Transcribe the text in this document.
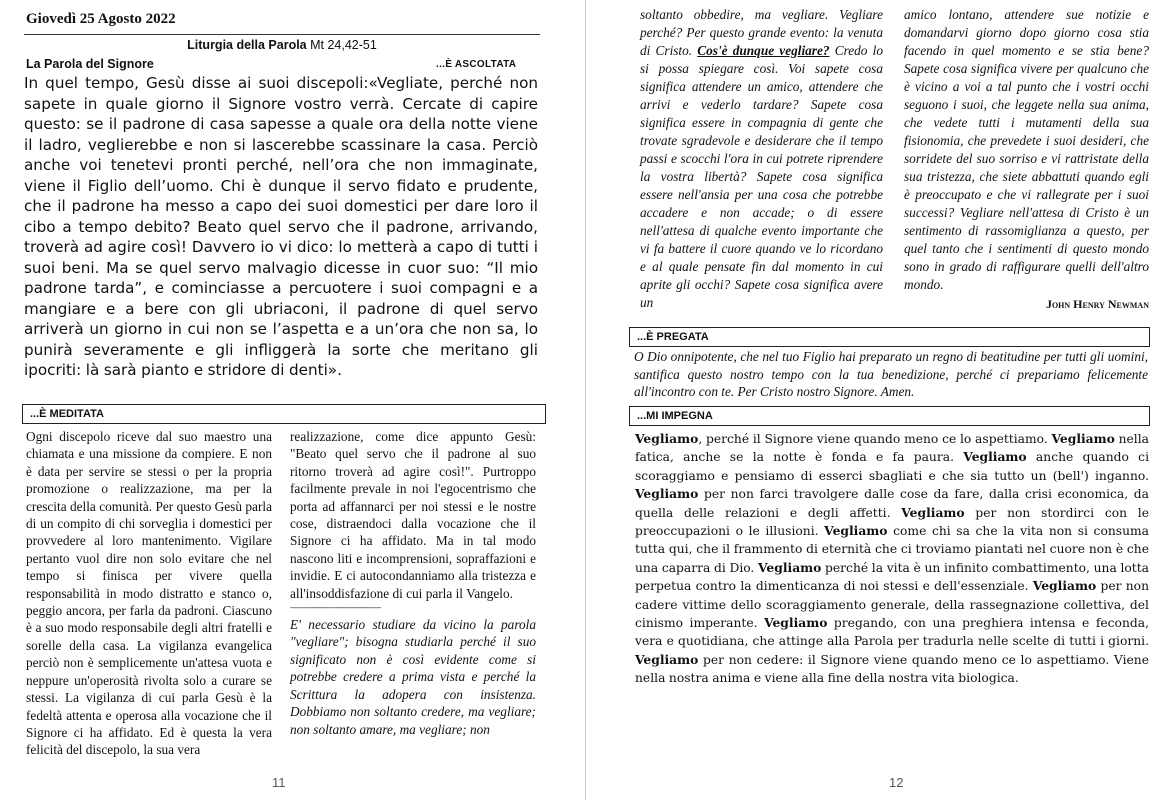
Giovedì 25 Agosto 2022
Liturgia della Parola Mt 24,42-51
La Parola del Signore	...È ASCOLTATA
In quel tempo, Gesù disse ai suoi discepoli:«Vegliate, perché non sapete in quale giorno il Signore vostro verrà. Cercate di capire questo: se il padrone di casa sapesse a quale ora della notte viene il ladro, veglierebbe e non si lascerebbe scassinare la casa. Perciò anche voi tenetevi pronti perché, nell’ora che non immaginate, viene il Figlio dell’uomo. Chi è dunque il servo fidato e prudente, che il padrone ha messo a capo dei suoi domestici per dare loro il cibo a tempo debito? Beato quel servo che il padrone, arrivando, troverà ad agire così! Davvero io vi dico: lo metterà a capo di tutti i suoi beni. Ma se quel servo malvagio dicesse in cuor suo: “Il mio padrone tarda”, e cominciasse a percuotere i suoi compagni e a mangiare e a bere con gli ubriaconi, il padrone di quel servo arriverà un giorno in cui non se l’aspetta e a un’ora che non sa, lo punirà severamente e gli infliggerà la sorte che meritano gli ipocriti: là sarà pianto e stridore di denti».
...È MEDITATA
Ogni discepolo riceve dal suo maestro una chiamata e una missione da compiere. E non è data per servire se stessi o per la propria promozione o realizzazione, ma per la crescita della comunità. Per questo Gesù parla di un compito di chi sorveglia i domestici per provvedere al loro mantenimento. Vigilare pertanto vuol dire non solo evitare che nel tempo si finisca per vivere quella responsabilità in modo distratto e stanco o, peggio ancora, per farla da padroni. Ciascuno è a suo modo responsabile degli altri fratelli e sorelle della casa. La vigilanza evangelica perciò non è semplicemente un'attesa vuota e neppure un'operosità rivolta solo a curare se stessi. La vigilanza di cui parla Gesù è la fedeltà attenta e operosa alla vocazione che il Signore ci ha affidato. Ed è questa la vera felicità del discepolo, la sua vera
realizzazione, come dice appunto Gesù: "Beato quel servo che il padrone al suo ritorno troverà ad agire così!". Purtroppo facilmente prevale in noi l'egocentrismo che porta ad affannarci per noi stessi e le nostre cose, distraendoci dalla vocazione che il Signore ci ha affidato. Ma in tal modo nascono liti e incomprensioni, sopraffazioni e invidie. E ci autocondanniamo alla tristezza e all'insoddisfazione di cui parla il Vangelo.
------------------------------------------
E' necessario studiare da vicino la parola "vegliare"; bisogna studiarla perché il suo significato non è così evidente come si potrebbe credere a prima vista e perché la Scrittura la adopera con insistenza. Dobbiamo non soltanto credere, ma vegliare; non soltanto amare, ma vegliare; non
11
soltanto obbedire, ma vegliare. Vegliare perché? Per questo grande evento: la venuta di Cristo. Cos'è dunque vegliare? Credo lo si possa spiegare così. Voi sapete cosa significa attendere un amico, attendere che arrivi e vederlo tardare? Sapete cosa significa essere in compagnia di gente che trovate sgradevole e desiderare che il tempo passi e scocchi l'ora in cui potrete riprendere la vostra libertà? Sapete cosa significa essere nell'ansia per una cosa che potrebbe accadere e non accade; o di essere nell'attesa di qualche evento importante che vi fa battere il cuore quando ve lo ricordano e al quale pensate fin dal momento in cui aprite gli occhi? Sapete cosa significa avere un
amico lontano, attendere sue notizie e domandarvi giorno dopo giorno cosa stia facendo in quel momento e se stia bene? Sapete cosa significa vivere per qualcuno che è vicino a voi a tal punto che i vostri occhi seguono i suoi, che leggete nella sua anima, che vedete tutti i mutamenti della sua fisionomia, che prevedete i suoi desideri, che sorridete del suo sorriso e vi rattristate della sua tristezza, che siete abbattuti quando egli è preoccupato e che vi rallegrate per i suoi successi? Vegliare nell'attesa di Cristo è un sentimento di rassomiglianza a questo, per quel tanto che i sentimenti di questo mondo sono in grado di raffigurare quelli dell'altro mondo.
John Henry Newman
...È PREGATA
O Dio onnipotente, che nel tuo Figlio hai preparato un regno di beatitudine per tutti gli uomini, santifica questo nostro tempo con la tua benedizione, perché ci prepariamo felicemente all'incontro con te. Per Cristo nostro Signore. Amen.
...MI IMPEGNA
Vegliamo, perché il Signore viene quando meno ce lo aspettiamo. Vegliamo nella fatica, anche se la notte è fonda e fa paura. Vegliamo anche quando ci scoraggiamo e pensiamo di esserci sbagliati e che sia tutto un (bell') inganno. Vegliamo per non farci travolgere dalle cose da fare, dalla crisi economica, da quella delle relazioni e degli affetti. Vegliamo per non stordirci con le preoccupazioni o le illusioni. Vegliamo come chi sa che la vita non si consuma tutta qui, che il frammento di eternità che ci troviamo piantati nel cuore non è che una caparra di Dio. Vegliamo perché la vita è un infinito combattimento, una lotta perpetua contro la dimenticanza di noi stessi e dell'essenziale. Vegliamo per non cadere vittime dello scoraggiamento generale, della rassegnazione collettiva, del cinismo imperante. Vegliamo pregando, con una preghiera intensa e feconda, vera e quotidiana, che attinge alla Parola per tradurla nelle scelte di tutti i giorni. Vegliamo per non cedere: il Signore viene quando meno ce lo aspettiamo. Viene nella nostra anima e viene alla fine della nostra vita biologica.
12
